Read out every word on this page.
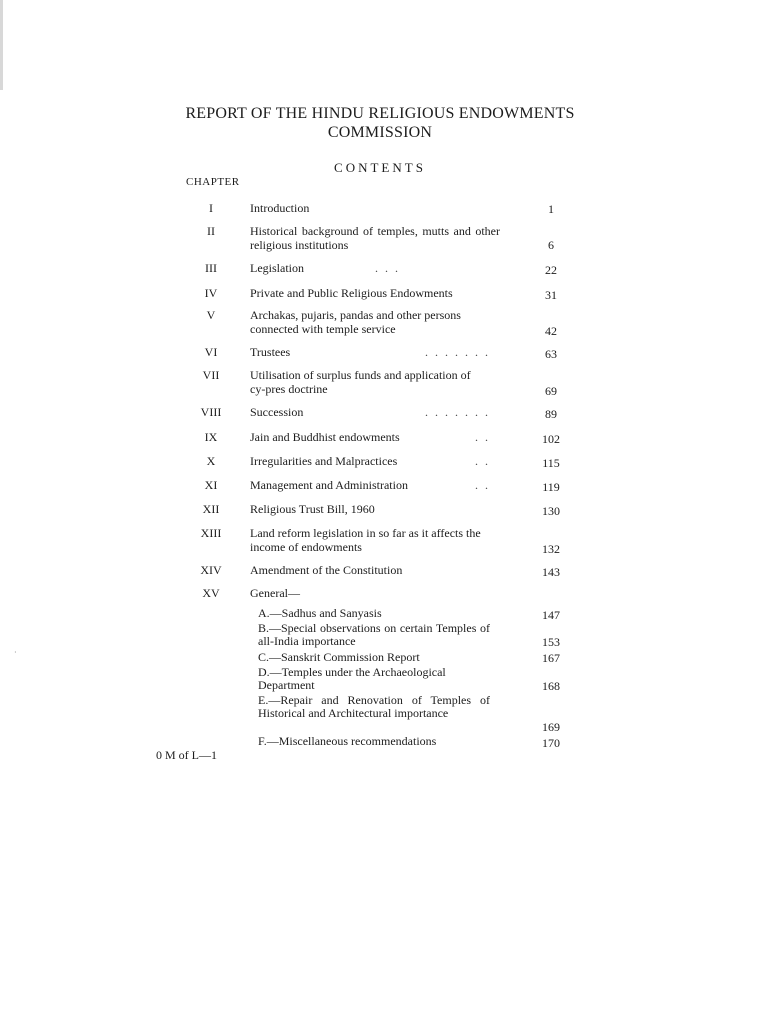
REPORT OF THE HINDU RELIGIOUS ENDOWMENTS COMMISSION
CONTENTS
CHAPTER
I	Introduction	1
II	Historical background of temples, mutts and other religious institutions	6
III	Legislation	. . .	22
IV	Private and Public Religious Endowments	31
V	Archakas, pujaris, pandas and other persons connected with temple service	42
VI	Trustees	. . . . . . .	63
VII	Utilisation of surplus funds and application of cy-pres doctrine	69
VIII	Succession	. . . . . . .	89
IX	Jain and Buddhist endowments	. .	102
X	Irregularities and Malpractices	. .	115
XI	Management and Administration	. .	119
XII	Religious Trust Bill, 1960	130
XIII	Land reform legislation in so far as it affects the income of endowments	132
XIV	Amendment of the Constitution	143
XV	General—
A.—Sadhus and Sanyasis	147
B.—Special observations on certain Temples of all-India importance	153
C.—Sanskrit Commission Report	167
D.—Temples under the Archaeological Department	168
E.—Repair and Renovation of Temples of Historical and Architectural importance
169
F.—Miscellaneous recommendations	170
0 M of L—1
·
